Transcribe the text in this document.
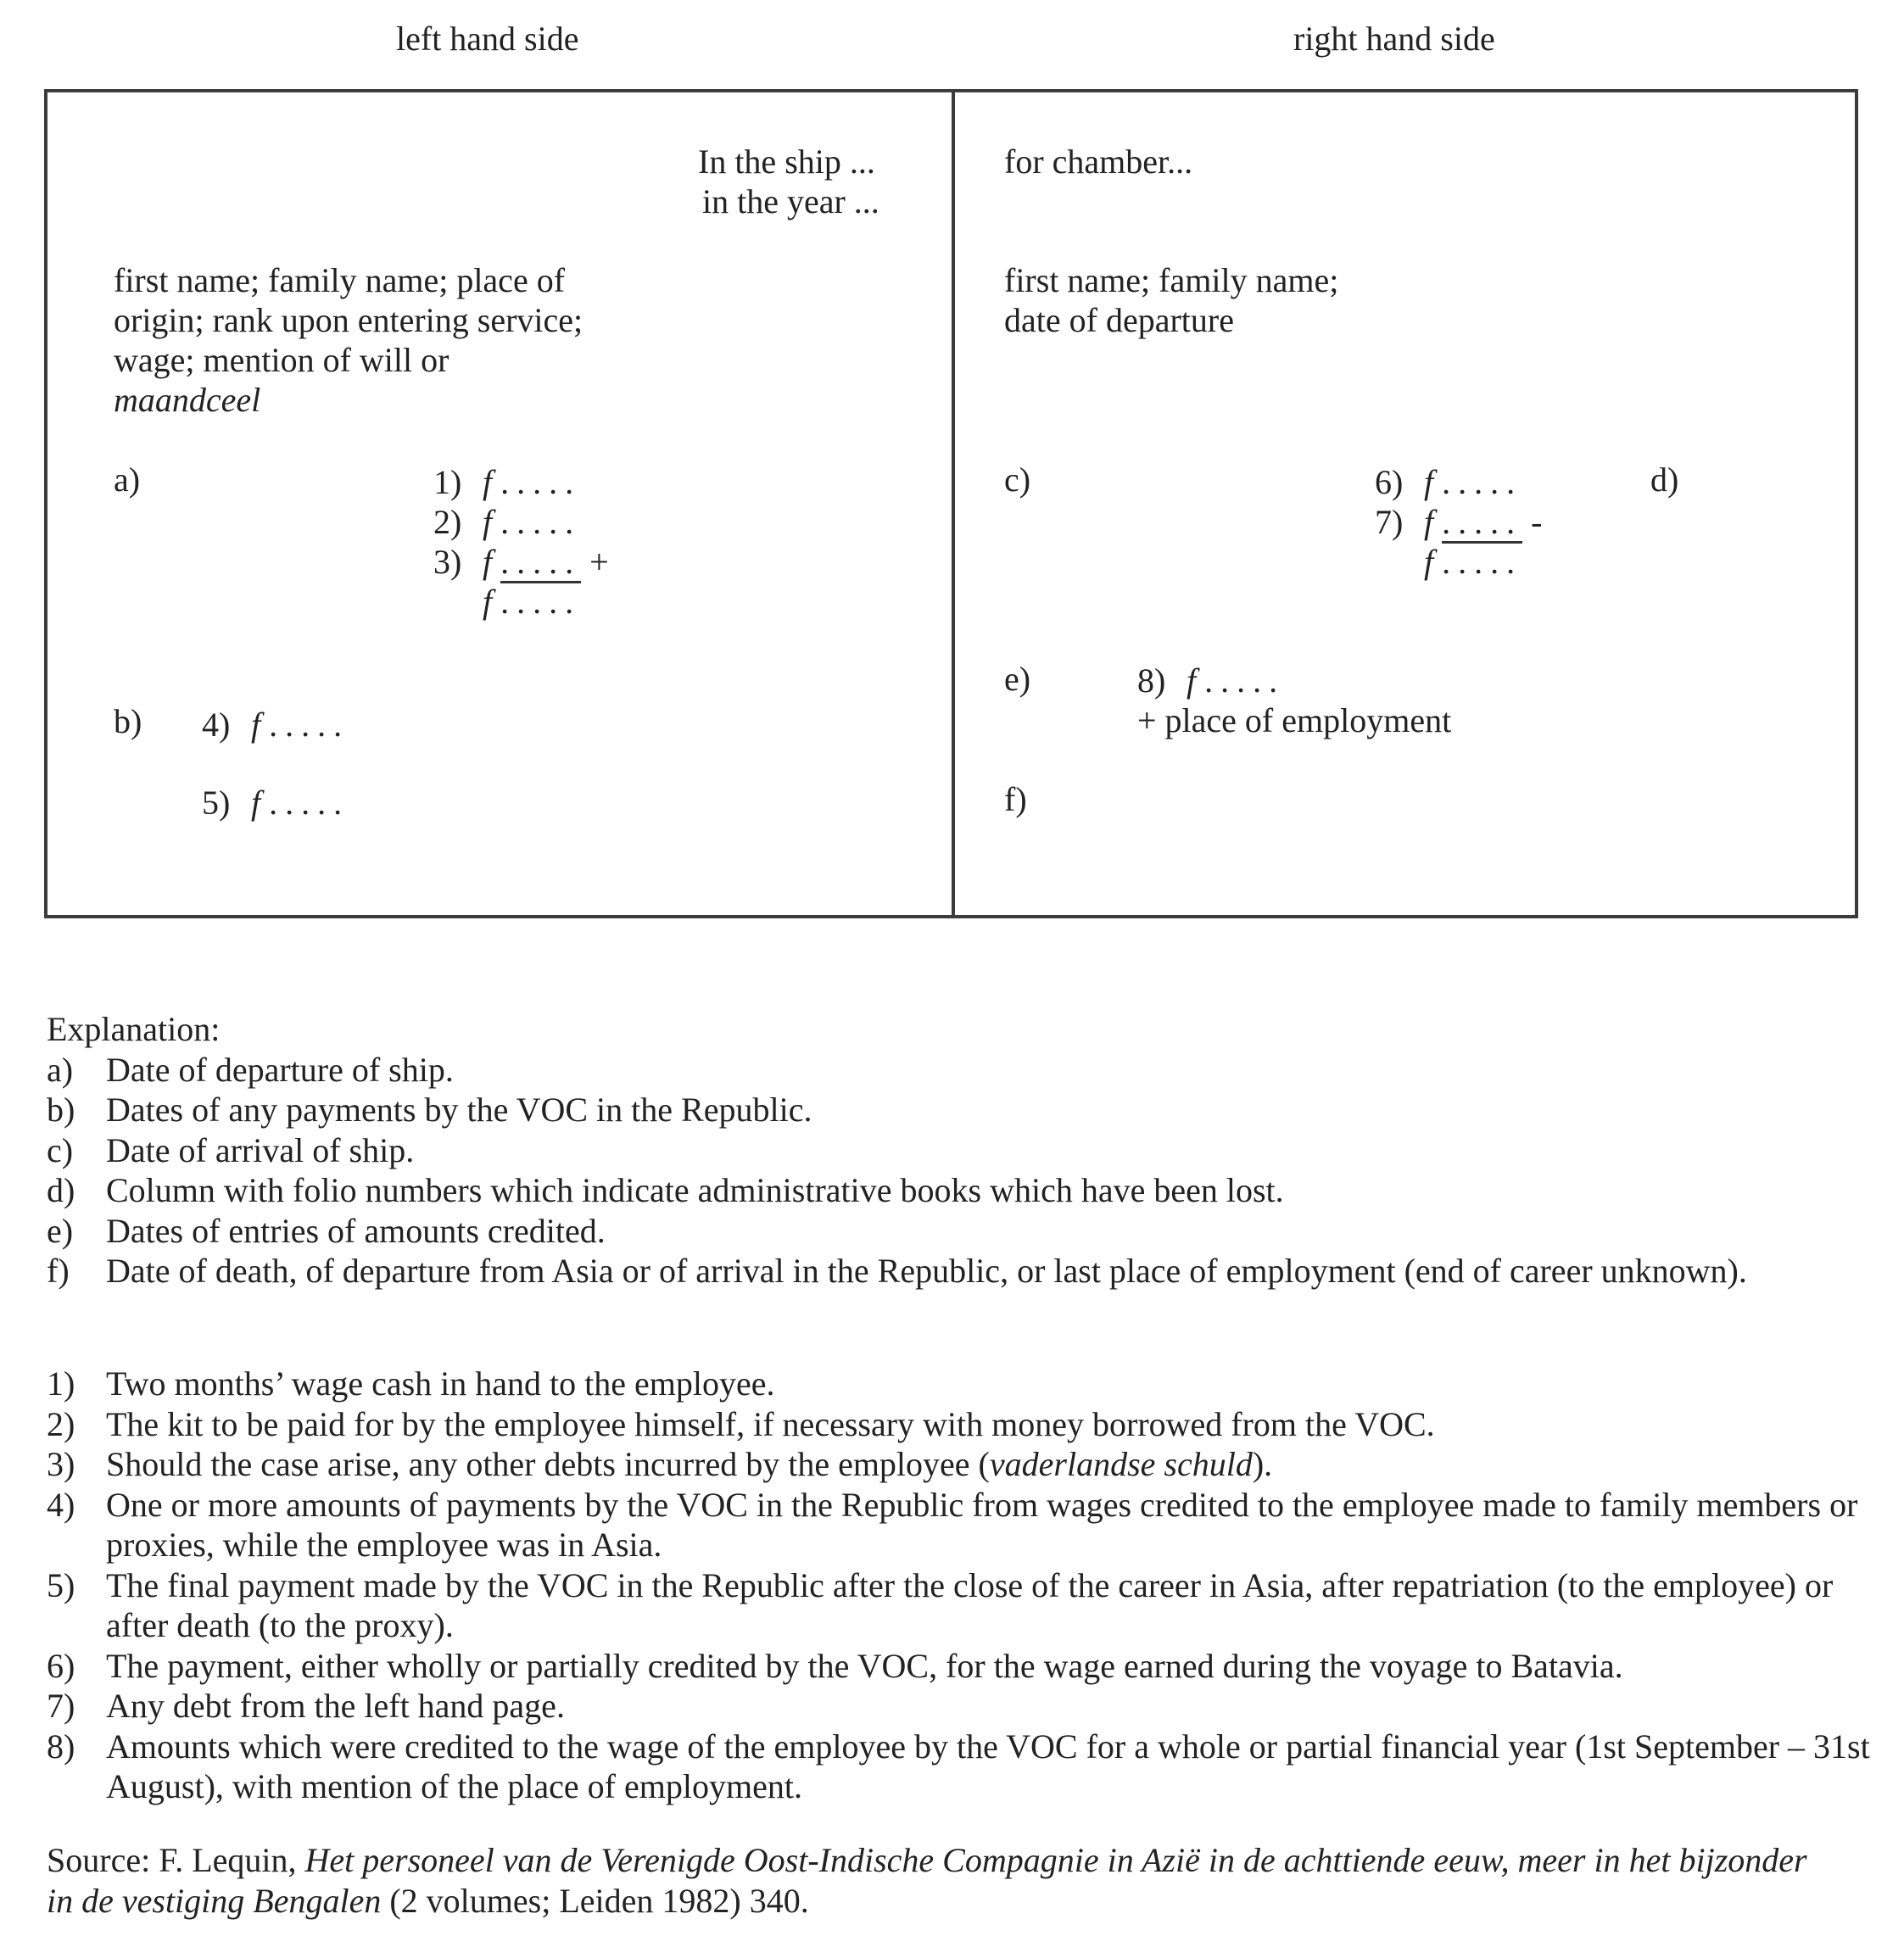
left hand side	right hand side
In the ship ...
in the year ...
first name; family name; place of
origin; rank upon entering service;
wage; mention of will or
maandceel
a)	1) f .....
2) f .....
3) f ..... +
f .....
b) 4) f .....
5) f .....
for chamber...
first name; family name;
date of departure
c)	d)
6) f .....
7) f ..... -
f .....
e)	8) f .....
+ place of employment
f)
Explanation:
a) Date of departure of ship.
b) Dates of any payments by the VOC in the Republic.
c) Date of arrival of ship.
d) Column with folio numbers which indicate administrative books which have been lost.
e) Dates of entries of amounts credited.
f)	Date of death, of departure from Asia or of arrival in the Republic, or last place of employment (end of career unknown).
1) Two months’ wage cash in hand to the employee.
2) The kit to be paid for by the employee himself, if necessary with money borrowed from the VOC.
3) Should the case arise, any other debts incurred by the employee (vaderlandse schuld).
4) One or more amounts of payments by the VOC in the Republic from wages credited to the employee made to family members or proxies, while the employee was in Asia.
5) The final payment made by the VOC in the Republic after the close of the career in Asia, after repatriation (to the employee) or after death (to the proxy).
6) The payment, either wholly or partially credited by the VOC, for the wage earned during the voyage to Batavia.
7) Any debt from the left hand page.
8) Amounts which were credited to the wage of the employee by the VOC for a whole or partial financial year (1st September – 31st August), with mention of the place of employment.
Source: F. Lequin, Het personeel van de Verenigde Oost-Indische Compagnie in Azië in de achttiende eeuw, meer in het bijzonder in de vestiging Bengalen (2 volumes; Leiden 1982) 340.
